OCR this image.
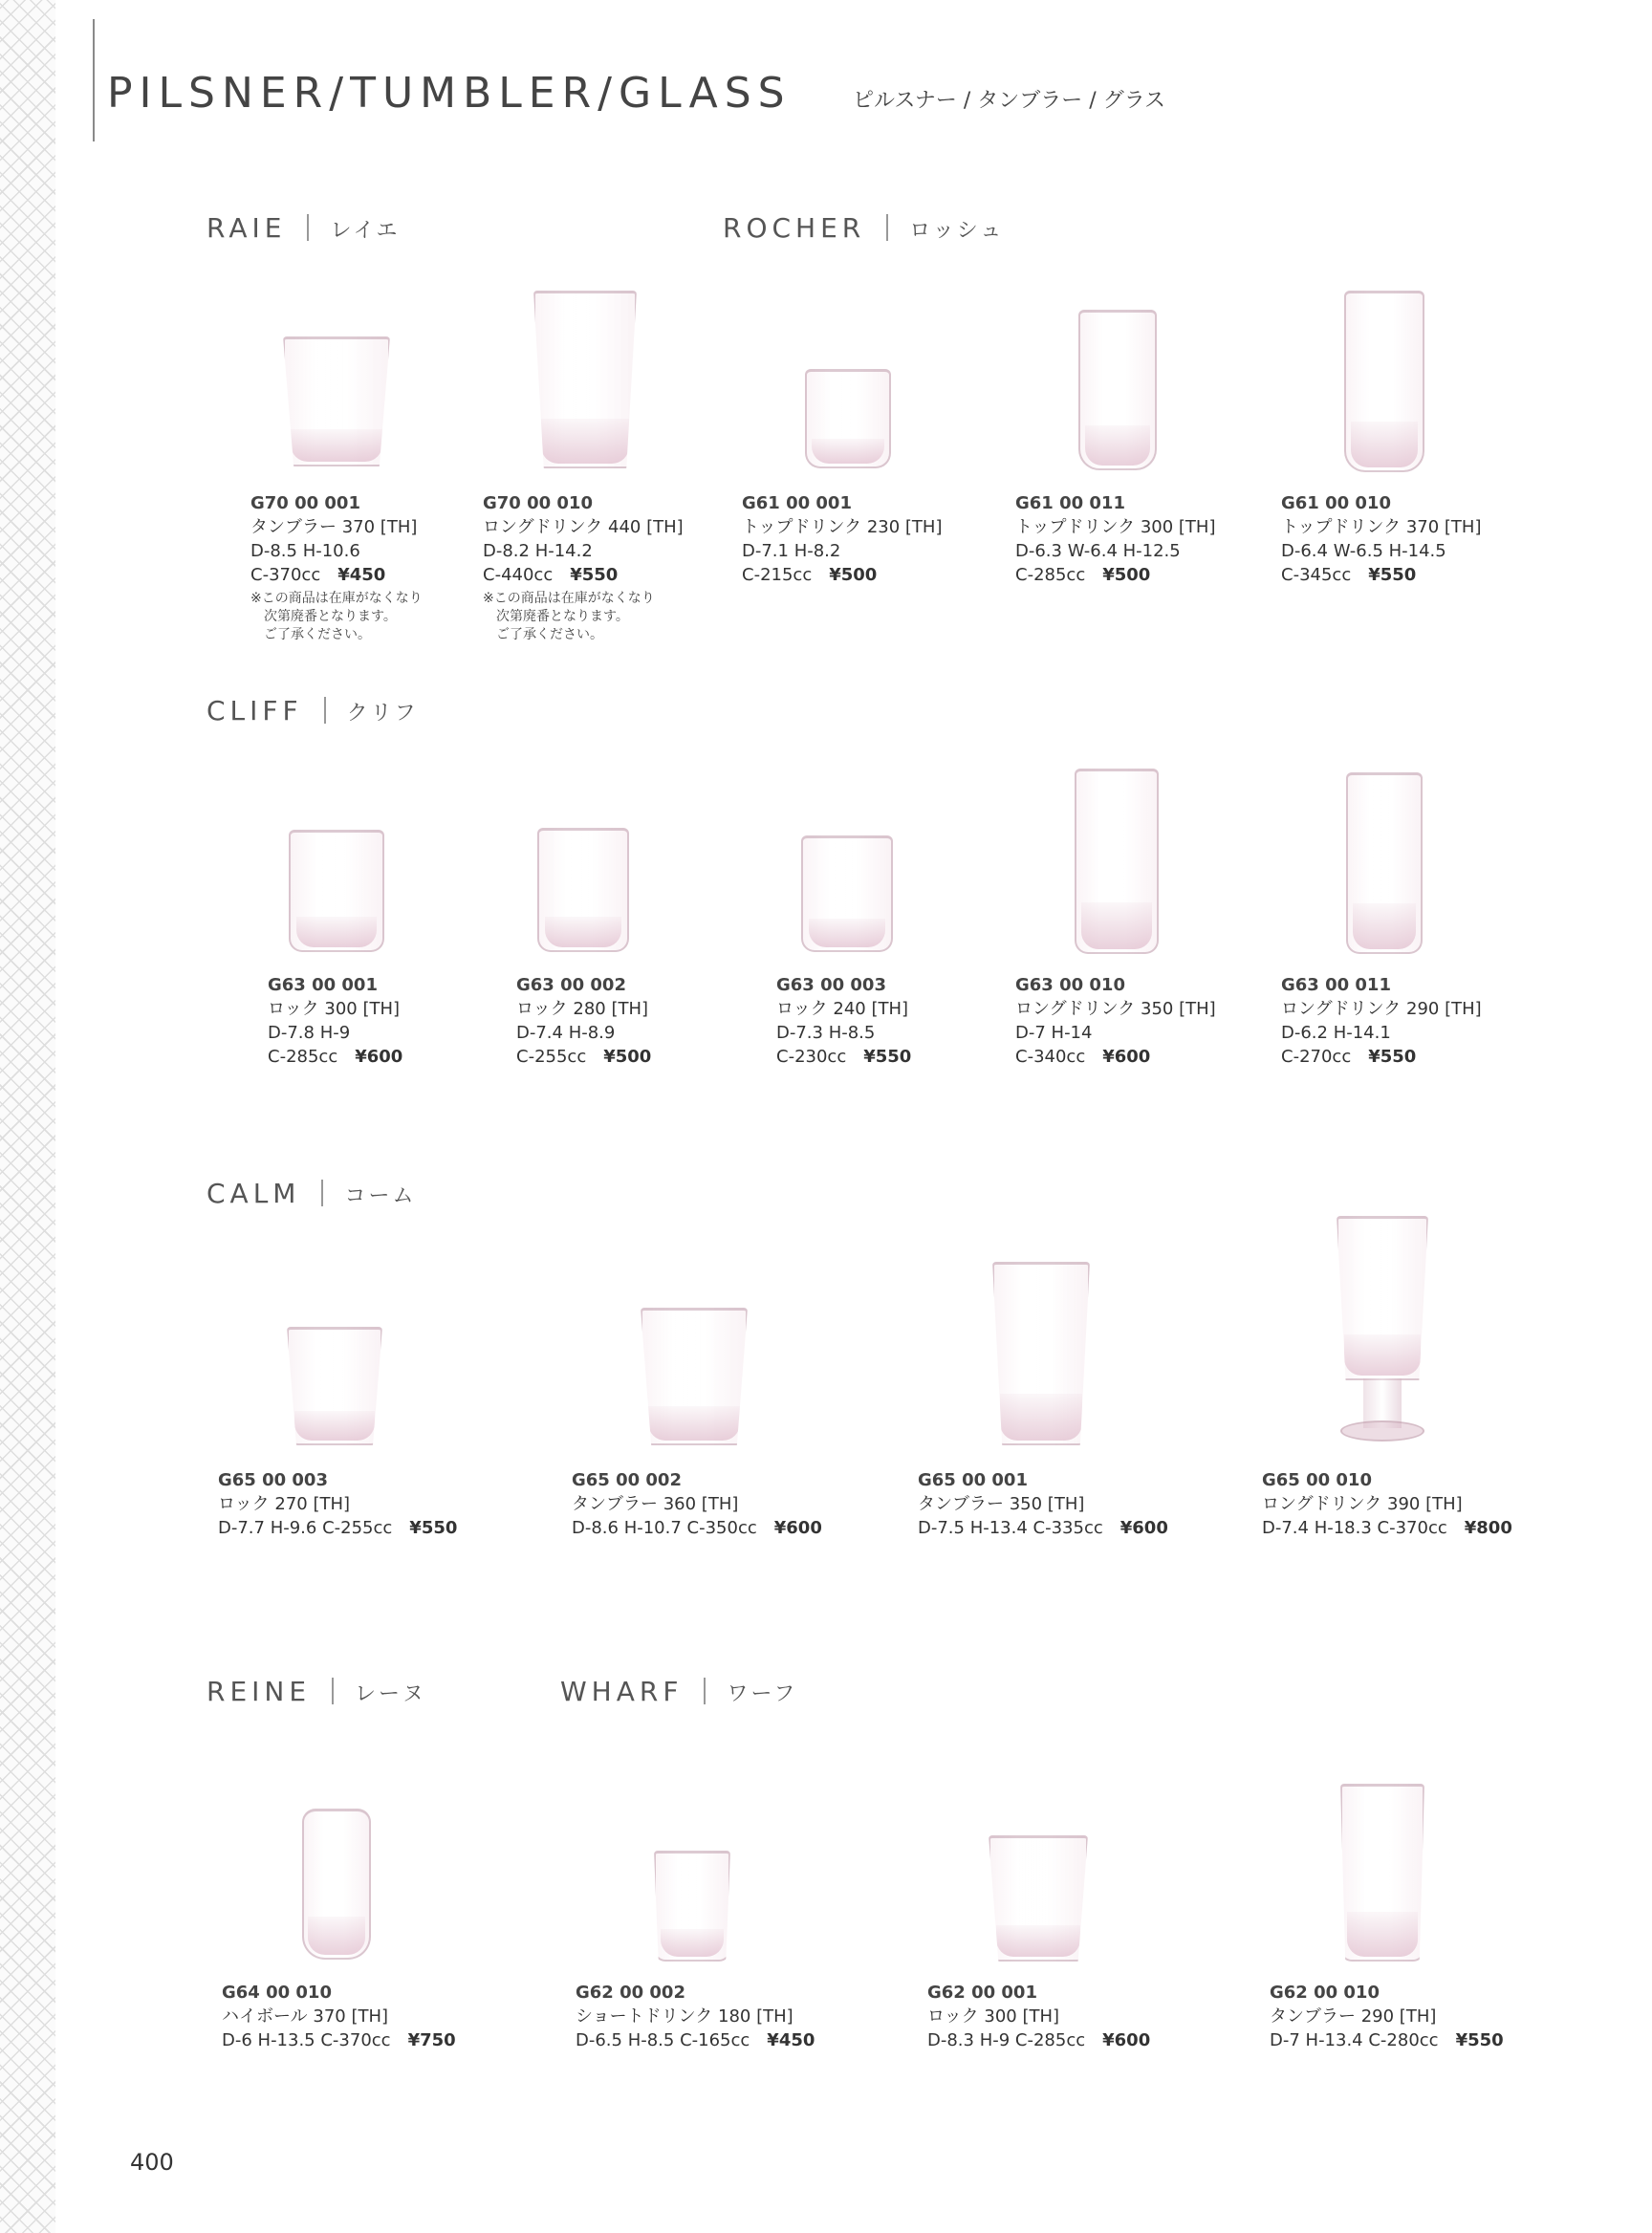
PILSNER/TUMBLER/GLASS	ピルスナー / タンブラー / グラス
RAIE レイエ	ROCHER ロッシュ
CLIFF クリフ
CALM コーム
REINE レーヌ	WHARF ワーフ
G70 00 001
タンブラー 370 [TH]
D-8.5 H-10.6
C-370cc ¥450
※この商品は在庫がなくなり
次第廃番となります。
ご了承ください。
G70 00 010
ロングドリンク 440 [TH]
D-8.2 H-14.2
C-440cc ¥550
※この商品は在庫がなくなり
次第廃番となります。
ご了承ください。
G61 00 001
トップドリンク 230 [TH]
D-7.1 H-8.2
C-215cc ¥500
G61 00 011
トップドリンク 300 [TH]
D-6.3 W-6.4 H-12.5
C-285cc ¥500
G61 00 010
トップドリンク 370 [TH]
D-6.4 W-6.5 H-14.5
C-345cc ¥550
G63 00 001
ロック 300 [TH]
D-7.8 H-9
C-285cc ¥600
G63 00 002
ロック 280 [TH]
D-7.4 H-8.9
C-255cc ¥500
G63 00 003
ロック 240 [TH]
D-7.3 H-8.5
C-230cc ¥550
G63 00 010
ロングドリンク 350 [TH]
D-7 H-14
C-340cc ¥600
G63 00 011
ロングドリンク 290 [TH]
D-6.2 H-14.1
C-270cc ¥550
G65 00 003
ロック 270 [TH]
D-7.7 H-9.6 C-255cc ¥550
G65 00 002
タンブラー 360 [TH]
D-8.6 H-10.7 C-350cc ¥600
G65 00 001
タンブラー 350 [TH]
D-7.5 H-13.4 C-335cc ¥600
G65 00 010
ロングドリンク 390 [TH]
D-7.4 H-18.3 C-370cc ¥800
G64 00 010
ハイボール 370 [TH]
D-6 H-13.5 C-370cc ¥750
G62 00 002
ショートドリンク 180 [TH]
D-6.5 H-8.5 C-165cc ¥450
G62 00 001
ロック 300 [TH]
D-8.3 H-9 C-285cc ¥600
G62 00 010
タンブラー 290 [TH]
D-7 H-13.4 C-280cc ¥550
400
